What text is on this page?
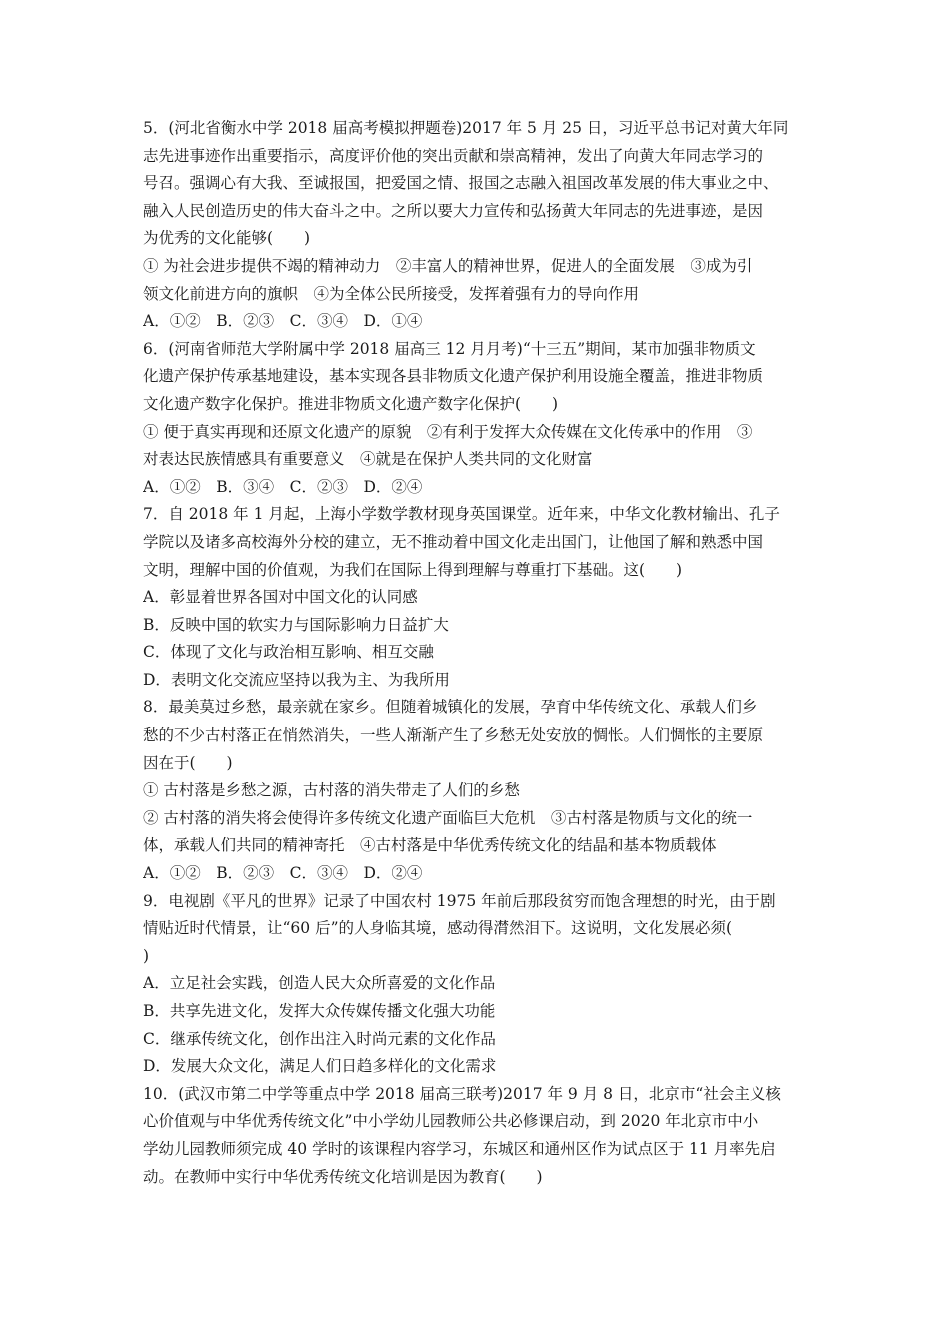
5．(河北省衡水中学 2018 届高考模拟押题卷)2017 年 5 月 25 日，习近平总书记对黄大年同
志先进事迹作出重要指示，高度评价他的突出贡献和崇高精神，发出了向黄大年同志学习的
号召。强调心有大我、至诚报国，把爱国之情、报国之志融入祖国改革发展的伟大事业之中、
融入人民创造历史的伟大奋斗之中。之所以要大力宣传和弘扬黄大年同志的先进事迹，是因
为优秀的文化能够(　　)
① 为社会进步提供不竭的精神动力　②丰富人的精神世界，促进人的全面发展　③成为引
领文化前进方向的旗帜　④为全体公民所接受，发挥着强有力的导向作用
A．①②　B．②③　C．③④　D．①④
6．(河南省师范大学附属中学 2018 届高三 12 月月考)“十三五”期间，某市加强非物质文
化遗产保护传承基地建设，基本实现各县非物质文化遗产保护利用设施全覆盖，推进非物质
文化遗产数字化保护。推进非物质文化遗产数字化保护(　　)
① 便于真实再现和还原文化遗产的原貌　②有利于发挥大众传媒在文化传承中的作用　③
对表达民族情感具有重要意义　④就是在保护人类共同的文化财富
A．①②　B．③④　C．②③　D．②④
7．自 2018 年 1 月起，上海小学数学教材现身英国课堂。近年来，中华文化教材输出、孔子
学院以及诸多高校海外分校的建立，无不推动着中国文化走出国门，让他国了解和熟悉中国
文明，理解中国的价值观，为我们在国际上得到理解与尊重打下基础。这(　　)
A．彰显着世界各国对中国文化的认同感
B．反映中国的软实力与国际影响力日益扩大
C．体现了文化与政治相互影响、相互交融
D．表明文化交流应坚持以我为主、为我所用
8．最美莫过乡愁，最亲就在家乡。但随着城镇化的发展，孕育中华传统文化、承载人们乡
愁的不少古村落正在悄然消失，一些人渐渐产生了乡愁无处安放的惆怅。人们惆怅的主要原
因在于(　　)
① 古村落是乡愁之源，古村落的消失带走了人们的乡愁
② 古村落的消失将会使得许多传统文化遗产面临巨大危机　③古村落是物质与文化的统一
体，承载人们共同的精神寄托　④古村落是中华优秀传统文化的结晶和基本物质载体
A．①②　B．②③　C．③④　D．②④
9．电视剧《平凡的世界》记录了中国农村 1975 年前后那段贫穷而饱含理想的时光，由于剧
情贴近时代情景，让“60 后”的人身临其境，感动得潸然泪下。这说明，文化发展必须(
)
A．立足社会实践，创造人民大众所喜爱的文化作品
B．共享先进文化，发挥大众传媒传播文化强大功能
C．继承传统文化，创作出注入时尚元素的文化作品
D．发展大众文化，满足人们日趋多样化的文化需求
10．(武汉市第二中学等重点中学 2018 届高三联考)2017 年 9 月 8 日，北京市“社会主义核
心价值观与中华优秀传统文化”中小学幼儿园教师公共必修课启动，到 2020 年北京市中小
学幼儿园教师须完成 40 学时的该课程内容学习，东城区和通州区作为试点区于 11 月率先启
动。在教师中实行中华优秀传统文化培训是因为教育(　　)
